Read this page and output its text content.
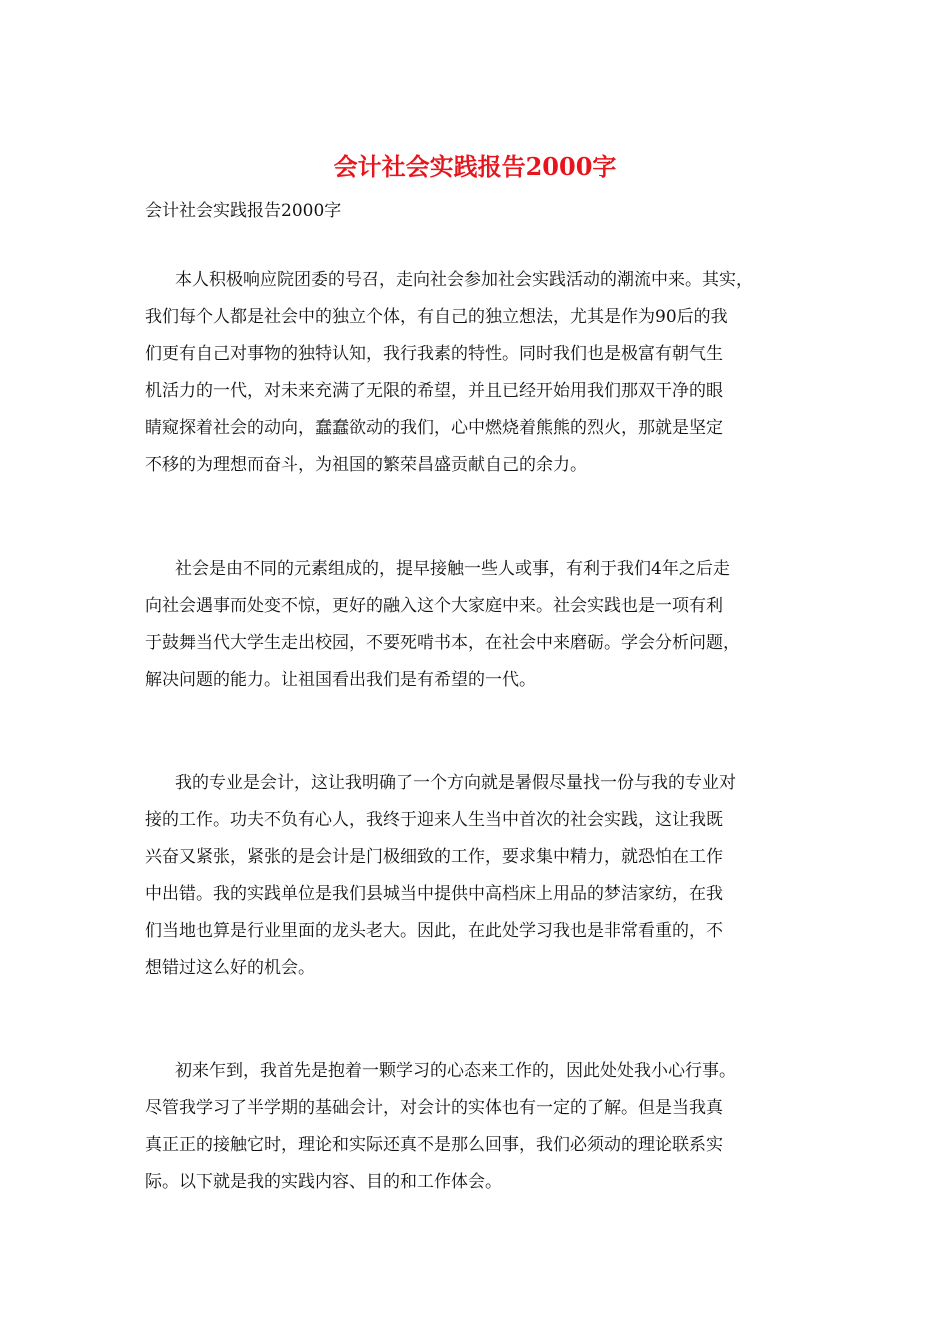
会计社会实践报告2000字
会计社会实践报告2000字
本人积极响应院团委的号召，走向社会参加社会实践活动的潮流中来。其实，
我们每个人都是社会中的独立个体，有自己的独立想法，尤其是作为90后的我
们更有自己对事物的独特认知，我行我素的特性。同时我们也是极富有朝气生
机活力的一代，对未来充满了无限的希望，并且已经开始用我们那双干净的眼
睛窥探着社会的动向，蠢蠢欲动的我们，心中燃烧着熊熊的烈火，那就是坚定
不移的为理想而奋斗，为祖国的繁荣昌盛贡献自己的余力。
社会是由不同的元素组成的，提早接触一些人或事，有利于我们4年之后走
向社会遇事而处变不惊，更好的融入这个大家庭中来。社会实践也是一项有利
于鼓舞当代大学生走出校园，不要死啃书本，在社会中来磨砺。学会分析问题，
解决问题的能力。让祖国看出我们是有希望的一代。
我的专业是会计，这让我明确了一个方向就是暑假尽量找一份与我的专业对
接的工作。功夫不负有心人，我终于迎来人生当中首次的社会实践，这让我既
兴奋又紧张，紧张的是会计是门极细致的工作，要求集中精力，就恐怕在工作
中出错。我的实践单位是我们县城当中提供中高档床上用品的梦洁家纺，在我
们当地也算是行业里面的龙头老大。因此，在此处学习我也是非常看重的，不
想错过这么好的机会。
初来乍到，我首先是抱着一颗学习的心态来工作的，因此处处我小心行事。
尽管我学习了半学期的基础会计，对会计的实体也有一定的了解。但是当我真
真正正的接触它时，理论和实际还真不是那么回事，我们必须动的理论联系实
际。以下就是我的实践内容、目的和工作体会。
